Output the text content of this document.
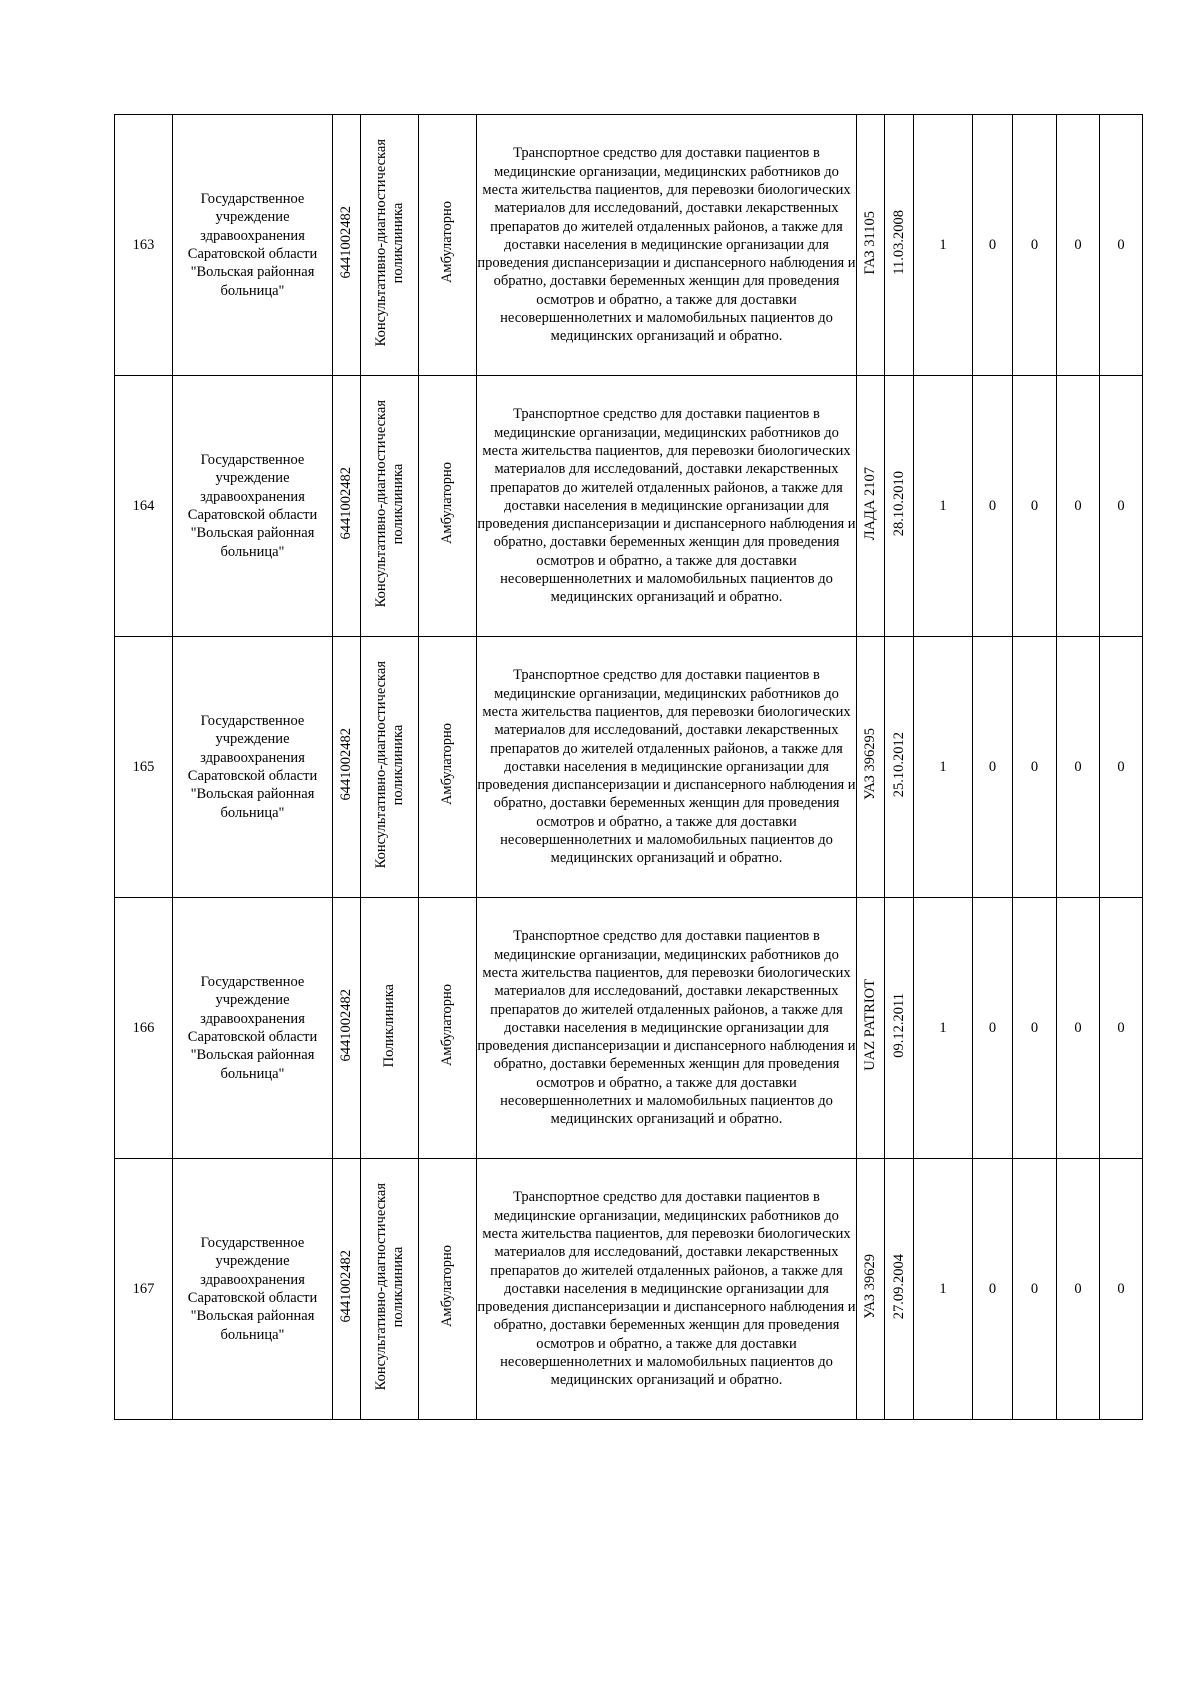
163	Государственное учреждение здравоохранения Саратовской области "Вольская районная больница"	6441002482	Консультативно-диагностическая
поликлиника	Амбулаторно	Транспортное средство для доставки пациентов в медицинские организации, медицинских работников до места жительства пациентов, для перевозки биологических материалов для исследований, доставки лекарственных препаратов до жителей отдаленных районов, а также для доставки населения в медицинские организации для проведения диспансеризации и диспансерного наблюдения и обратно, доставки беременных женщин для проведения осмотров и обратно, а также для доставки несовершеннолетних и маломобильных пациентов до медицинских организаций и обратно.	ГАЗ 31105	11.03.2008	1	0	0	0	0
164	Государственное учреждение здравоохранения Саратовской области "Вольская районная больница"	6441002482	Консультативно-диагностическая
поликлиника	Амбулаторно	Транспортное средство для доставки пациентов в медицинские организации, медицинских работников до места жительства пациентов, для перевозки биологических материалов для исследований, доставки лекарственных препаратов до жителей отдаленных районов, а также для доставки населения в медицинские организации для проведения диспансеризации и диспансерного наблюдения и обратно, доставки беременных женщин для проведения осмотров и обратно, а также для доставки несовершеннолетних и маломобильных пациентов до медицинских организаций и обратно.	ЛАДА 2107	28.10.2010	1	0	0	0	0
165	Государственное учреждение здравоохранения Саратовской области "Вольская районная больница"	6441002482	Консультативно-диагностическая
поликлиника	Амбулаторно	Транспортное средство для доставки пациентов в медицинские организации, медицинских работников до места жительства пациентов, для перевозки биологических материалов для исследований, доставки лекарственных препаратов до жителей отдаленных районов, а также для доставки населения в медицинские организации для проведения диспансеризации и диспансерного наблюдения и обратно, доставки беременных женщин для проведения осмотров и обратно, а также для доставки несовершеннолетних и маломобильных пациентов до медицинских организаций и обратно.	УАЗ 396295	25.10.2012	1	0	0	0	0
166	Государственное учреждение здравоохранения Саратовской области "Вольская районная больница"	6441002482	Поликлиника	Амбулаторно	Транспортное средство для доставки пациентов в медицинские организации, медицинских работников до места жительства пациентов, для перевозки биологических материалов для исследований, доставки лекарственных препаратов до жителей отдаленных районов, а также для доставки населения в медицинские организации для проведения диспансеризации и диспансерного наблюдения и обратно, доставки беременных женщин для проведения осмотров и обратно, а также для доставки несовершеннолетних и маломобильных пациентов до медицинских организаций и обратно.	UAZ PATRIOT	09.12.2011	1	0	0	0	0
167	Государственное учреждение здравоохранения Саратовской области "Вольская районная больница"	6441002482	Консультативно-диагностическая
поликлиника	Амбулаторно	Транспортное средство для доставки пациентов в медицинские организации, медицинских работников до места жительства пациентов, для перевозки биологических материалов для исследований, доставки лекарственных препаратов до жителей отдаленных районов, а также для доставки населения в медицинские организации для проведения диспансеризации и диспансерного наблюдения и обратно, доставки беременных женщин для проведения осмотров и обратно, а также для доставки несовершеннолетних и маломобильных пациентов до медицинских организаций и обратно.	УАЗ 39629	27.09.2004	1	0	0	0	0
